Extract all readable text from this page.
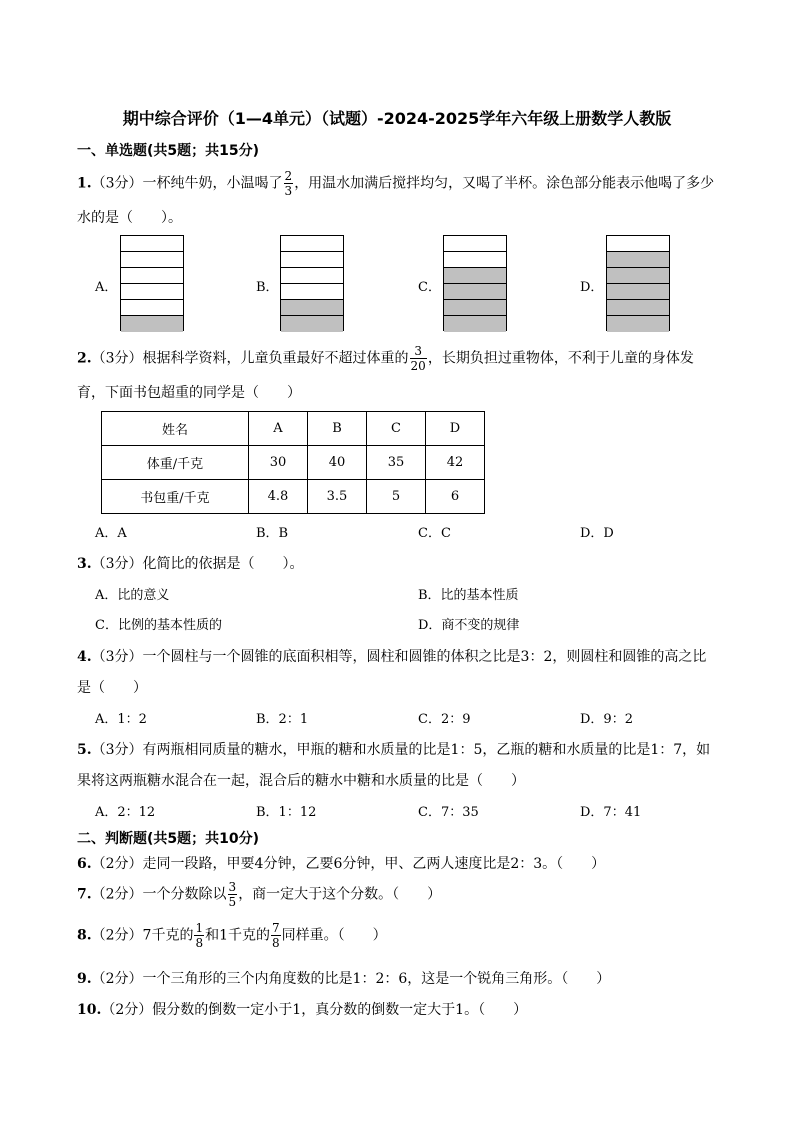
期中综合评价（1—4单元）（试题）-2024-2025学年六年级上册数学人教版
一、单选题(共5题；共15分)
1.（3分）一杯纯牛奶，小温喝了 $\frac{2}{3}$ ，用温水加满后搅拌均匀，又喝了半杯。涂色部分能表示他喝了多少
水的是（　　）。
A．	B．	C．	D．
2.（3分）根据科学资料，儿童负重最好不超过体重的 $\frac{3}{20}$ ，长期负担过重物体，不利于儿童的身体发
育，下面书包超重的同学是（　　）
姓名	A	B	C	D
体重/千克	30	40	35	42
书包重/千克	4.8	3.5	5	6
A．A	B．B	C．C	D．D
3.（3分）化简比的依据是（　　）。
A．比的意义	B．比的基本性质
C．比例的基本性质的	D．商不变的规律
4.（3分）一个圆柱与一个圆锥的底面积相等，圆柱和圆锥的体积之比是3：2，则圆柱和圆锥的高之比
是（　　）
A．1：2	B．2：1	C．2：9	D．9：2
5.（3分）有两瓶相同质量的糖水，甲瓶的糖和水质量的比是1：5，乙瓶的糖和水质量的比是1：7，如
果将这两瓶糖水混合在一起，混合后的糖水中糖和水质量的比是（　　）
A．2：12	B．1：12	C．7：35	D．7：41
二、判断题(共5题；共10分)
6.（2分）走同一段路，甲要4分钟，乙要6分钟，甲、乙两人速度比是2：3。（　　）
7.（2分）一个分数除以 $\frac{3}{5}$ ，商一定大于这个分数。（　　）
8.（2分）7千克的 $\frac{1}{8}$ 和1千克的 $\frac{7}{8}$ 同样重。（　　）
9.（2分）一个三角形的三个内角度数的比是1：2：6，这是一个锐角三角形。（　　）
10.（2分）假分数的倒数一定小于1，真分数的倒数一定大于1。（　　）
